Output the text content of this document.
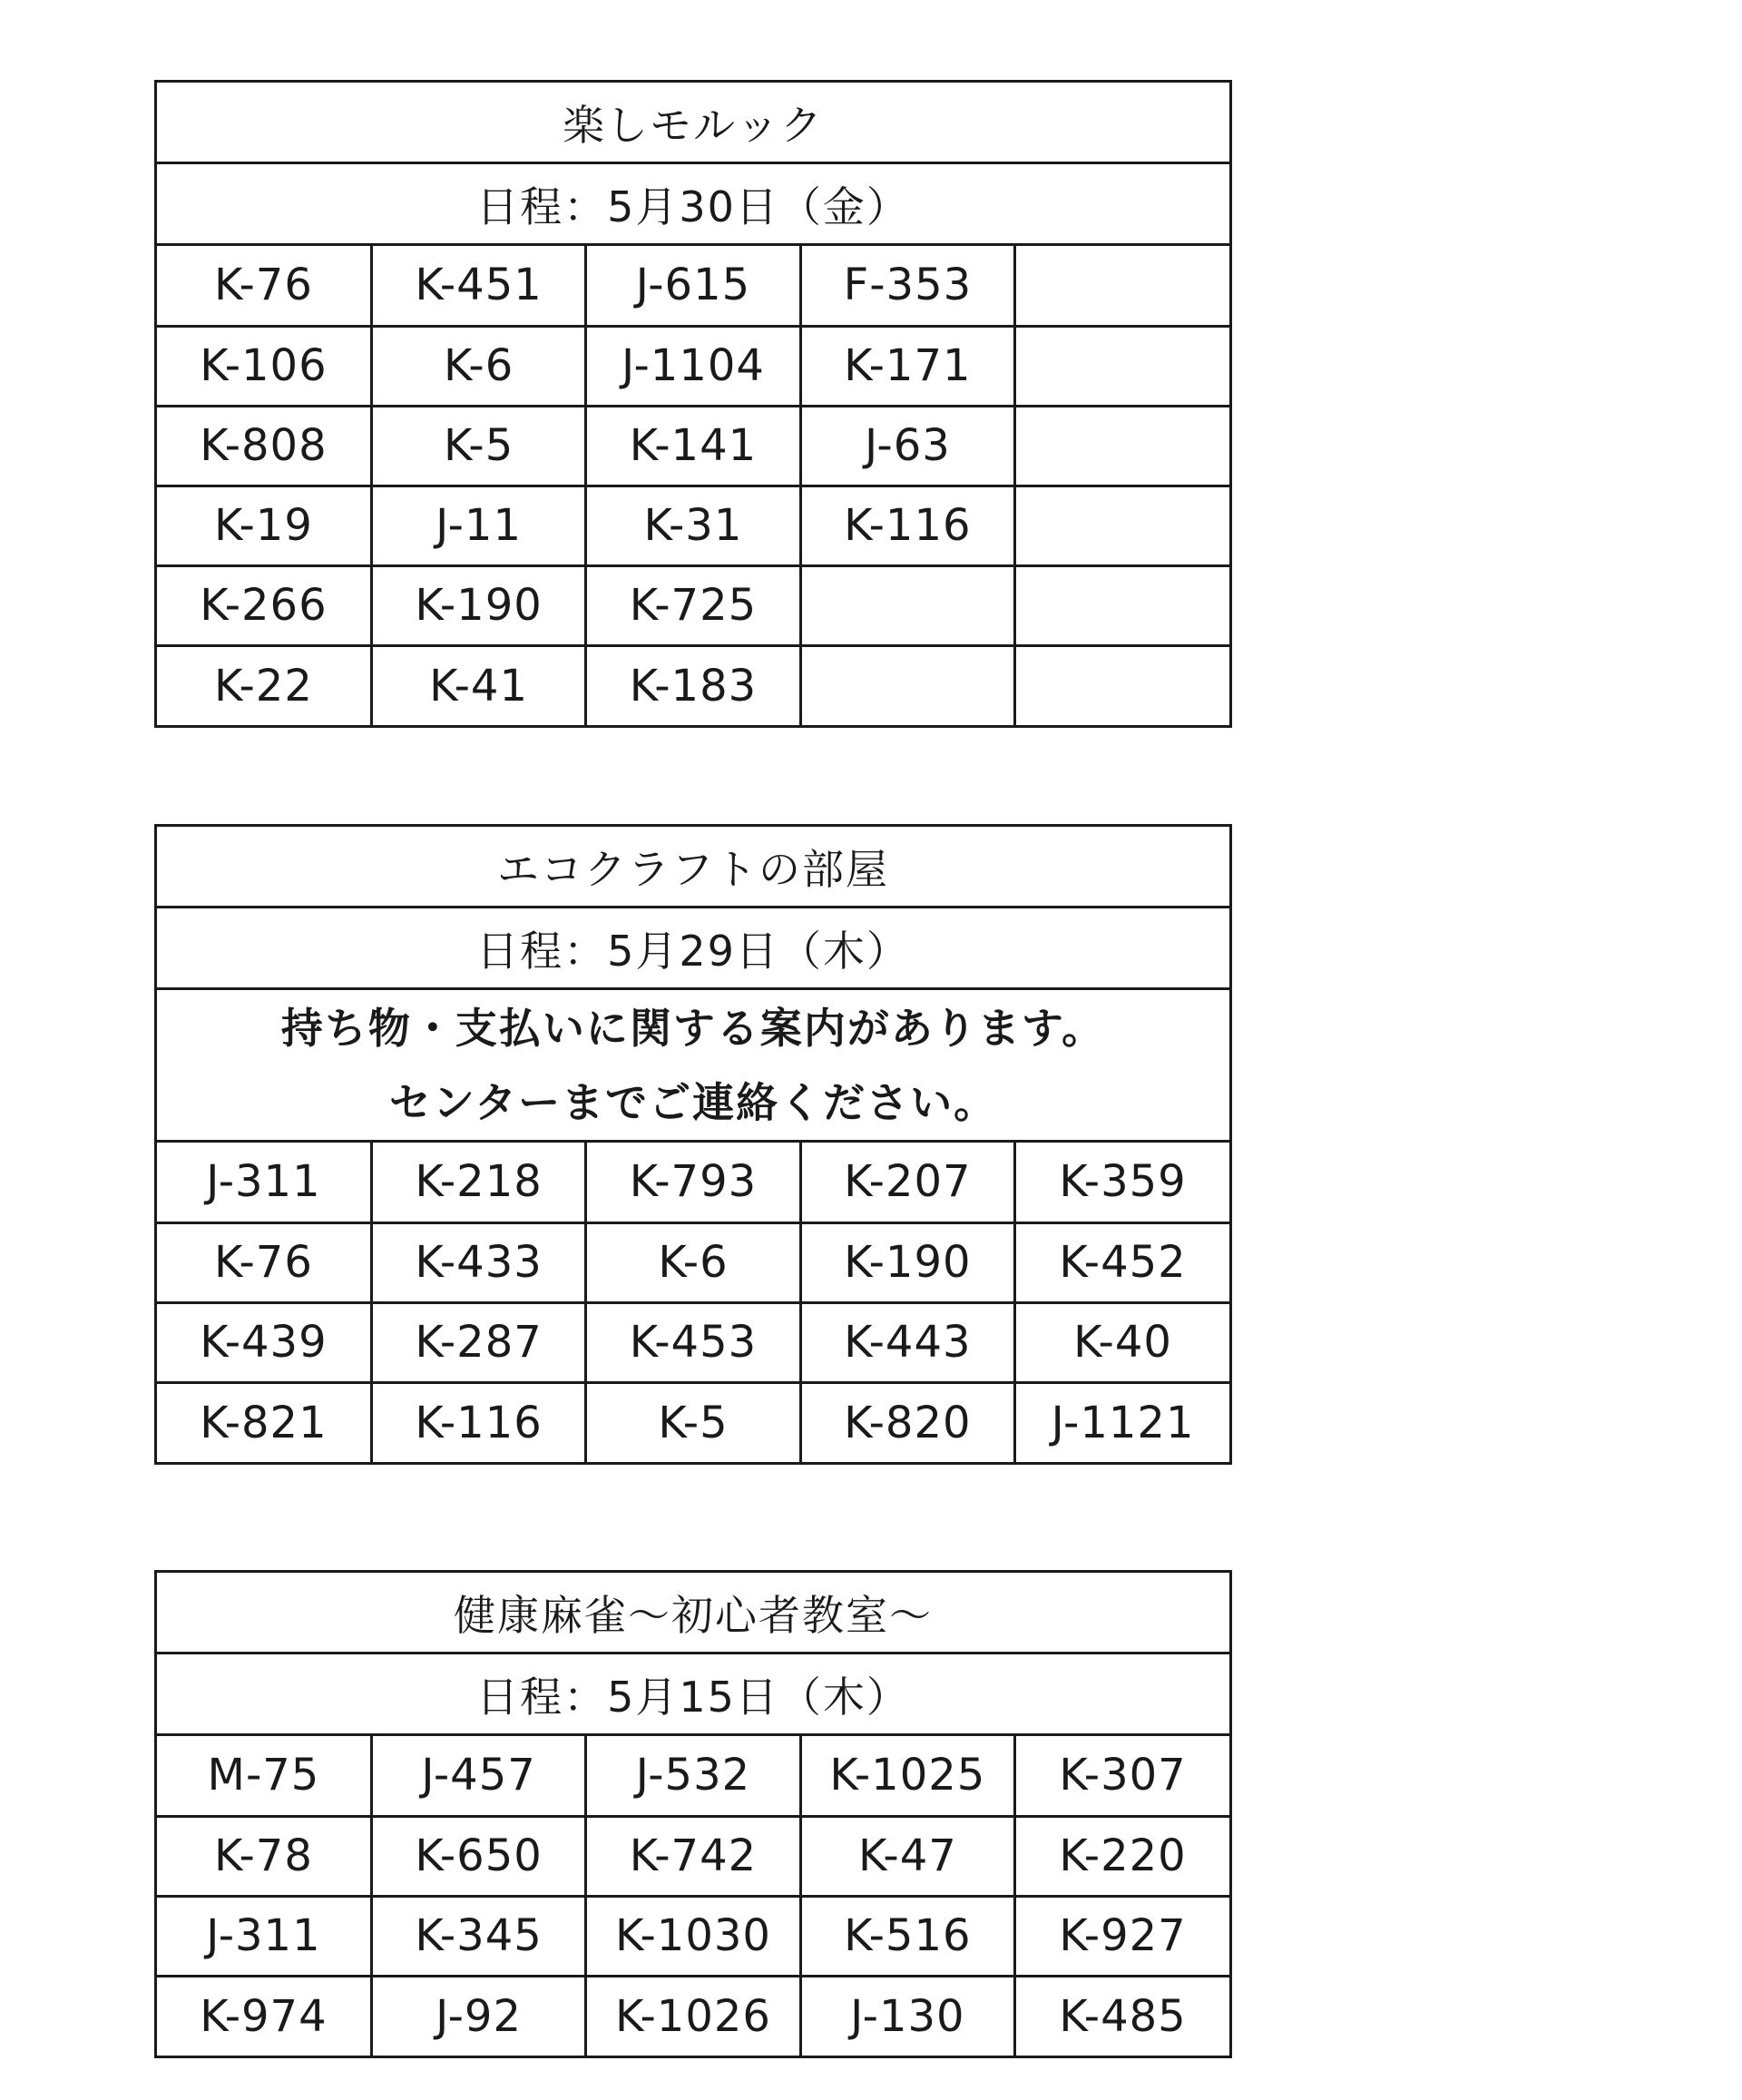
楽しモルック
日程：5月30日（金）
K-76	K-451	J-615	F-353	
K-106	K-6	J-1104	K-171	
K-808	K-5	K-141	J-63	
K-19	J-11	K-31	K-116	
K-266	K-190	K-725		
K-22	K-41	K-183		
エコクラフトの部屋
日程：5月29日（木）
持ち物・支払いに関する案内があります。
センターまでご連絡ください。
J-311	K-218	K-793	K-207	K-359
K-76	K-433	K-6	K-190	K-452
K-439	K-287	K-453	K-443	K-40
K-821	K-116	K-5	K-820	J-1121
健康麻雀～初心者教室～
日程：5月15日（木）
M-75	J-457	J-532	K-1025	K-307
K-78	K-650	K-742	K-47	K-220
J-311	K-345	K-1030	K-516	K-927
K-974	J-92	K-1026	J-130	K-485
